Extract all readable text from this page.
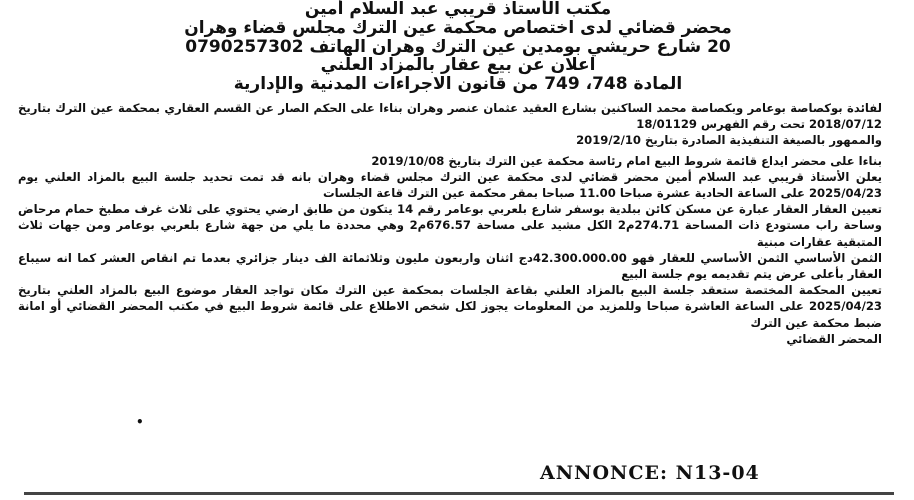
مكتب الأستاذ قريبي عبد السلام أمين
محضر قضائي لدى اختصاص محكمة عين الترك مجلس قضاء وهران
20 شارع حريشي بومدين عين الترك وهران الهاتف 0790257302
اعلان عن بيع عقار بالمزاد العلني
المادة 748، 749 من قانون الاجراءات المدنية والإدارية

لفائدة بوكصاصة بوعامر وبكصاصة محمد الساكنين بشارع العقيد عثمان عنصر وهران بناءا على الحكم الصار عن القسم العقاري بمحكمة عين الترك بتاريخ 2018/07/12 تحت رقم الفهرس 18/01129

والممهور بالصيغة التنفيذية الصادرة بتاريخ 2019/2/10

بناءا على محضر ايداع قائمة شروط البيع امام رئاسة محكمة عين الترك بتاريخ 2019/10/08

يعلن الأستاذ قريبي عبد السلام أمين محضر قضائي لدى محكمة عين الترك مجلس قضاء وهران بانه قد تمت تحديد جلسة البيع بالمزاد العلني يوم 2025/04/23 على الساعة الحادية عشرة صباحا 11.00 صباحا بمقر محكمة عين الترك قاعة الجلسات

تعيين العقار العقار عبارة عن مسكن كائن ببلدية بوسفر شارع بلعربي بوعامر رقم 14 يتكون من طابق ارضي يحتوي على ثلاث غرف مطبخ حمام مرحاض وساحة راب مستودع ذات المساحة 274.71م2 الكل مشيد على مساحة 676.57م2 وهي محددة ما يلي من جهة شارع بلعربي بوعامر ومن جهات ثلاث المتبقية عقارات مبنية

الثمن الأساسي الثمن الأساسي للعقار فهو 42.300.000.00دج اثنان واربعون مليون وثلاثمائة الف دينار جزائري بعدما تم انقاص العشر كما انه سيباع العقار بأعلى عرض يتم تقديمه يوم جلسة البيع

تعيين المحكمة المختصة ستعقد جلسة البيع بالمزاد العلني بقاعة الجلسات بمحكمة عين الترك مكان تواجد العقار موضوع البيع بالمزاد العلني بتاريخ 2025/04/23 على الساعة العاشرة صباحا وللمزيد من المعلومات يجوز لكل شخص الاطلاع على قائمة شروط البيع في مكتب المحضر القضائي أو امانة ضبط محكمة عين الترك

المحضر القضائي

•
ANNONCE: N13-04
